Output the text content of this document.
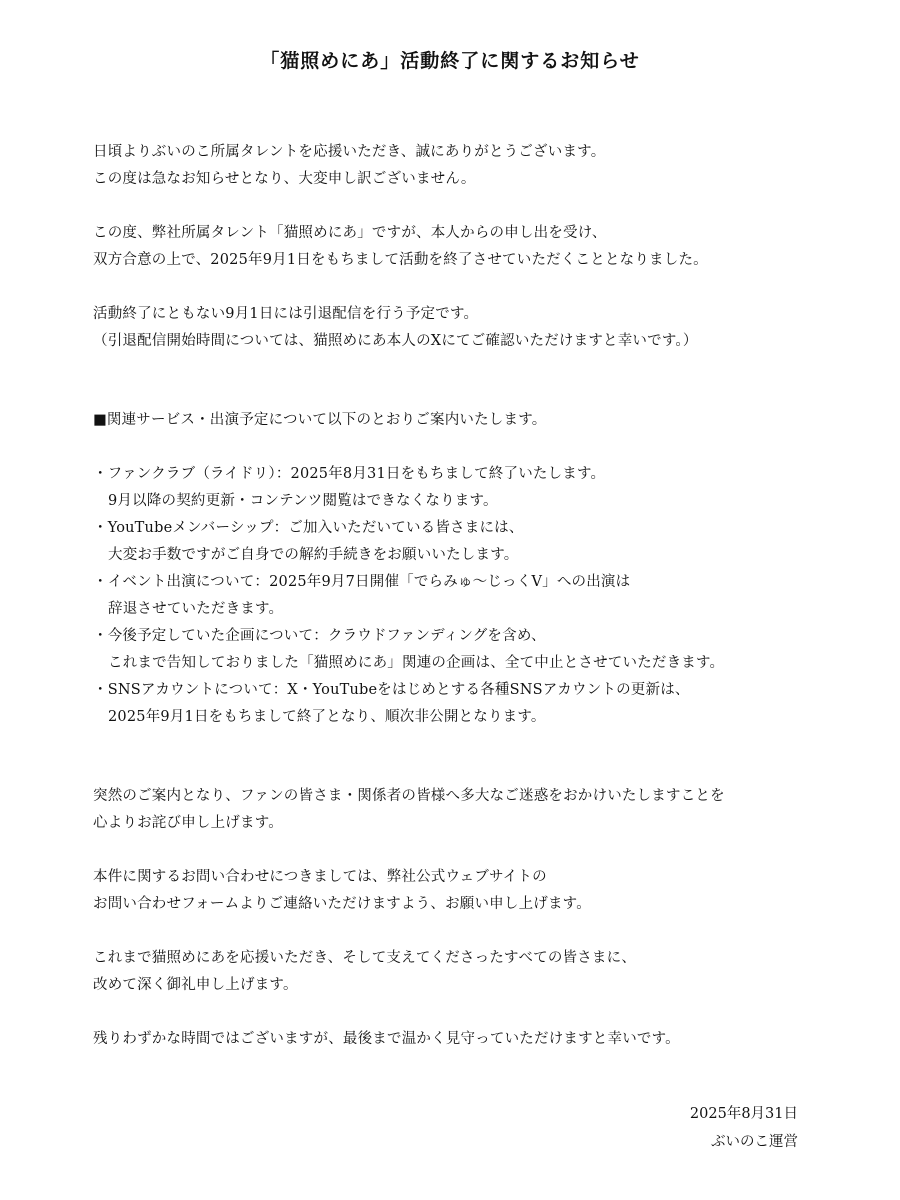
「猫照めにあ」活動終了に関するお知らせ
日頃よりぶいのこ所属タレントを応援いただき、誠にありがとうございます。
この度は急なお知らせとなり、大変申し訳ございません。
この度、弊社所属タレント「猫照めにあ」ですが、本人からの申し出を受け、
双方合意の上で、2025年9月1日をもちまして活動を終了させていただくこととなりました。
活動終了にともない9月1日には引退配信を行う予定です。
（引退配信開始時間については、猫照めにあ本人のXにてご確認いただけますと幸いです。）
■関連サービス・出演予定について以下のとおりご案内いたします。
・ファンクラブ（ライドリ）：2025年8月31日をもちまして終了いたします。
9月以降の契約更新・コンテンツ閲覧はできなくなります。
・YouTubeメンバーシップ：ご加入いただいている皆さまには、
大変お手数ですがご自身での解約手続きをお願いいたします。
・イベント出演について：2025年9月7日開催「でらみゅ〜じっくV」への出演は
辞退させていただきます。
・今後予定していた企画について：クラウドファンディングを含め、
これまで告知しておりました「猫照めにあ」関連の企画は、全て中止とさせていただきます。
・SNSアカウントについて：X・YouTubeをはじめとする各種SNSアカウントの更新は、
2025年9月1日をもちまして終了となり、順次非公開となります。
突然のご案内となり、ファンの皆さま・関係者の皆様へ多大なご迷惑をおかけいたしますことを
心よりお詫び申し上げます。
本件に関するお問い合わせにつきましては、弊社公式ウェブサイトの
お問い合わせフォームよりご連絡いただけますよう、お願い申し上げます。
これまで猫照めにあを応援いただき、そして支えてくださったすべての皆さまに、
改めて深く御礼申し上げます。
残りわずかな時間ではございますが、最後まで温かく見守っていただけますと幸いです。
2025年8月31日
ぶいのこ運営
